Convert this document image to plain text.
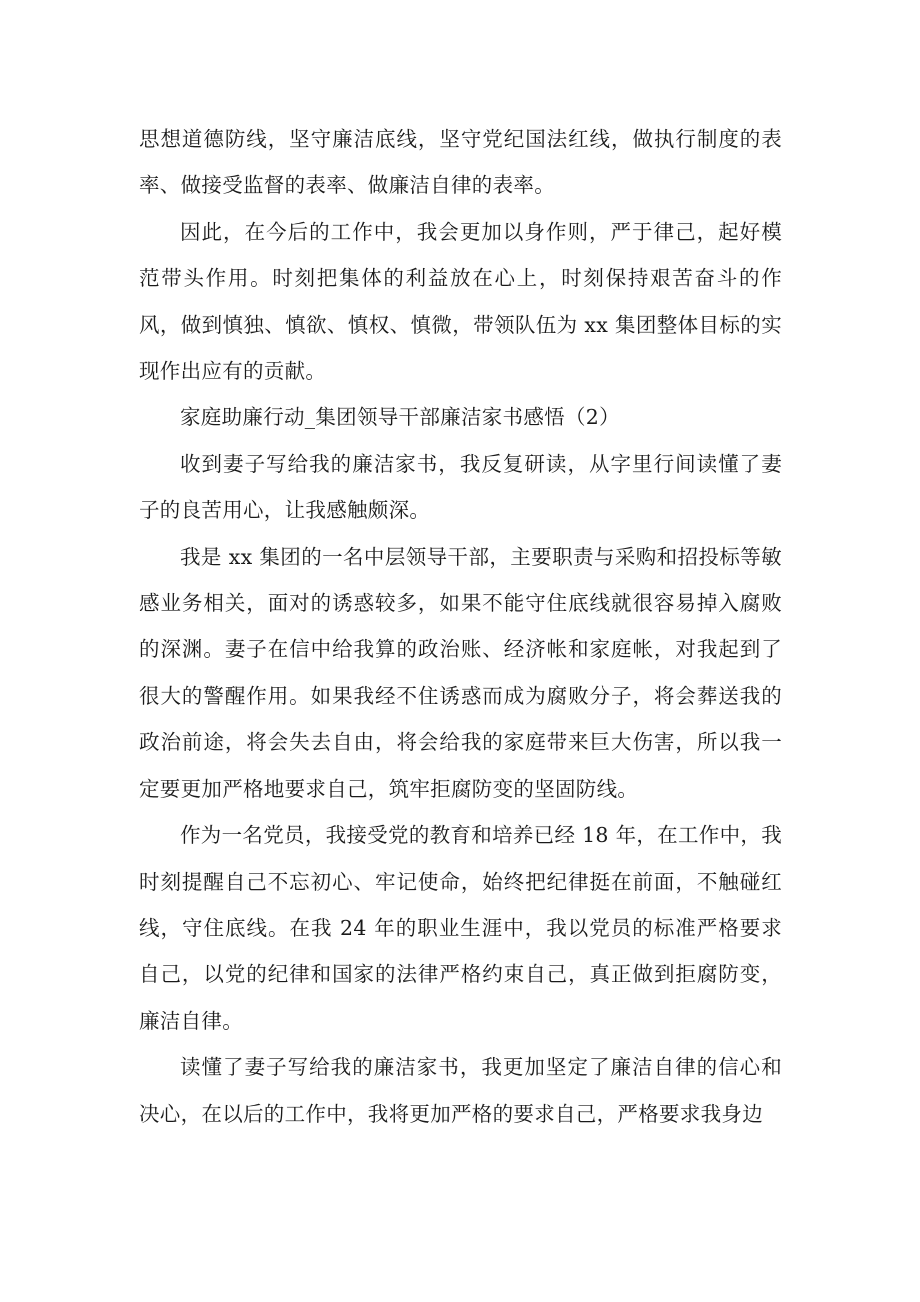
思想道德防线，坚守廉洁底线，坚守党纪国法红线，做执行制度的表率、做接受监督的表率、做廉洁自律的表率。

因此，在今后的工作中，我会更加以身作则，严于律己，起好模范带头作用。时刻把集体的利益放在心上，时刻保持艰苦奋斗的作风，做到慎独、慎欲、慎权、慎微，带领队伍为 xx 集团整体目标的实现作出应有的贡献。

家庭助廉行动_集团领导干部廉洁家书感悟（2）

收到妻子写给我的廉洁家书，我反复研读，从字里行间读懂了妻子的良苦用心，让我感触颇深。

我是 xx 集团的一名中层领导干部，主要职责与采购和招投标等敏感业务相关，面对的诱惑较多，如果不能守住底线就很容易掉入腐败的深渊。妻子在信中给我算的政治账、经济帐和家庭帐，对我起到了很大的警醒作用。如果我经不住诱惑而成为腐败分子，将会葬送我的政治前途，将会失去自由，将会给我的家庭带来巨大伤害，所以我一定要更加严格地要求自己，筑牢拒腐防变的坚固防线。

作为一名党员，我接受党的教育和培养已经 18 年，在工作中，我时刻提醒自己不忘初心、牢记使命，始终把纪律挺在前面，不触碰红线，守住底线。在我 24 年的职业生涯中，我以党员的标准严格要求自己，以党的纪律和国家的法律严格约束自己，真正做到拒腐防变，廉洁自律。

读懂了妻子写给我的廉洁家书，我更加坚定了廉洁自律的信心和决心，在以后的工作中，我将更加严格的要求自己，严格要求我身边
